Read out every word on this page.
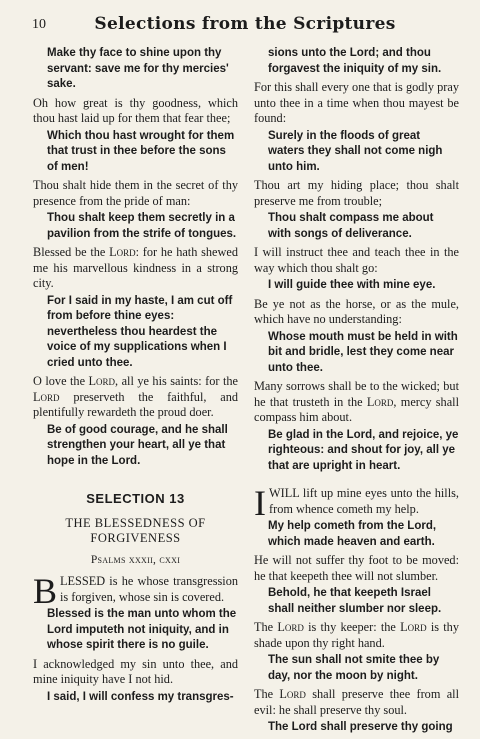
10	Selections from the Scriptures

Make thy face to shine upon thy servant: save me for thy mercies' sake.

Oh how great is thy goodness, which thou hast laid up for them that fear thee;

Which thou hast wrought for them that trust in thee before the sons of men!

Thou shalt hide them in the secret of thy presence from the pride of man:

Thou shalt keep them secretly in a pavilion from the strife of tongues.

Blessed be the Lord: for he hath shewed me his marvellous kindness in a strong city.

For I said in my haste, I am cut off from before thine eyes: nevertheless thou heardest the voice of my supplications when I cried unto thee.

O love the Lord, all ye his saints: for the Lord preserveth the faithful, and plentifully rewardeth the proud doer.

Be of good courage, and he shall strengthen your heart, all ye that hope in the Lord.

SELECTION 13
THE BLESSEDNESS OF FORGIVENESS
Psalms xxxii, cxxi

BLESSED is he whose transgression is forgiven, whose sin is covered.

Blessed is the man unto whom the Lord imputeth not iniquity, and in whose spirit there is no guile.

I acknowledged my sin unto thee, and mine iniquity have I not hid.

I said, I will confess my transgres-

sions unto the Lord; and thou forgavest the iniquity of my sin.

For this shall every one that is godly pray unto thee in a time when thou mayest be found:

Surely in the floods of great waters they shall not come nigh unto him.

Thou art my hiding place; thou shalt preserve me from trouble;

Thou shalt compass me about with songs of deliverance.

I will instruct thee and teach thee in the way which thou shalt go:

I will guide thee with mine eye.

Be ye not as the horse, or as the mule, which have no understanding:

Whose mouth must be held in with bit and bridle, lest they come near unto thee.

Many sorrows shall be to the wicked; but he that trusteth in the Lord, mercy shall compass him about.

Be glad in the Lord, and rejoice, ye righteous: and shout for joy, all ye that are upright in heart.

IWILL lift up mine eyes unto the hills, from whence cometh my help.

My help cometh from the Lord, which made heaven and earth.

He will not suffer thy foot to be moved: he that keepeth thee will not slumber.

Behold, he that keepeth Israel shall neither slumber nor sleep.

The Lord is thy keeper: the Lord is thy shade upon thy right hand.

The sun shall not smite thee by day, nor the moon by night.

The Lord shall preserve thee from all evil: he shall preserve thy soul.

The Lord shall preserve thy going
